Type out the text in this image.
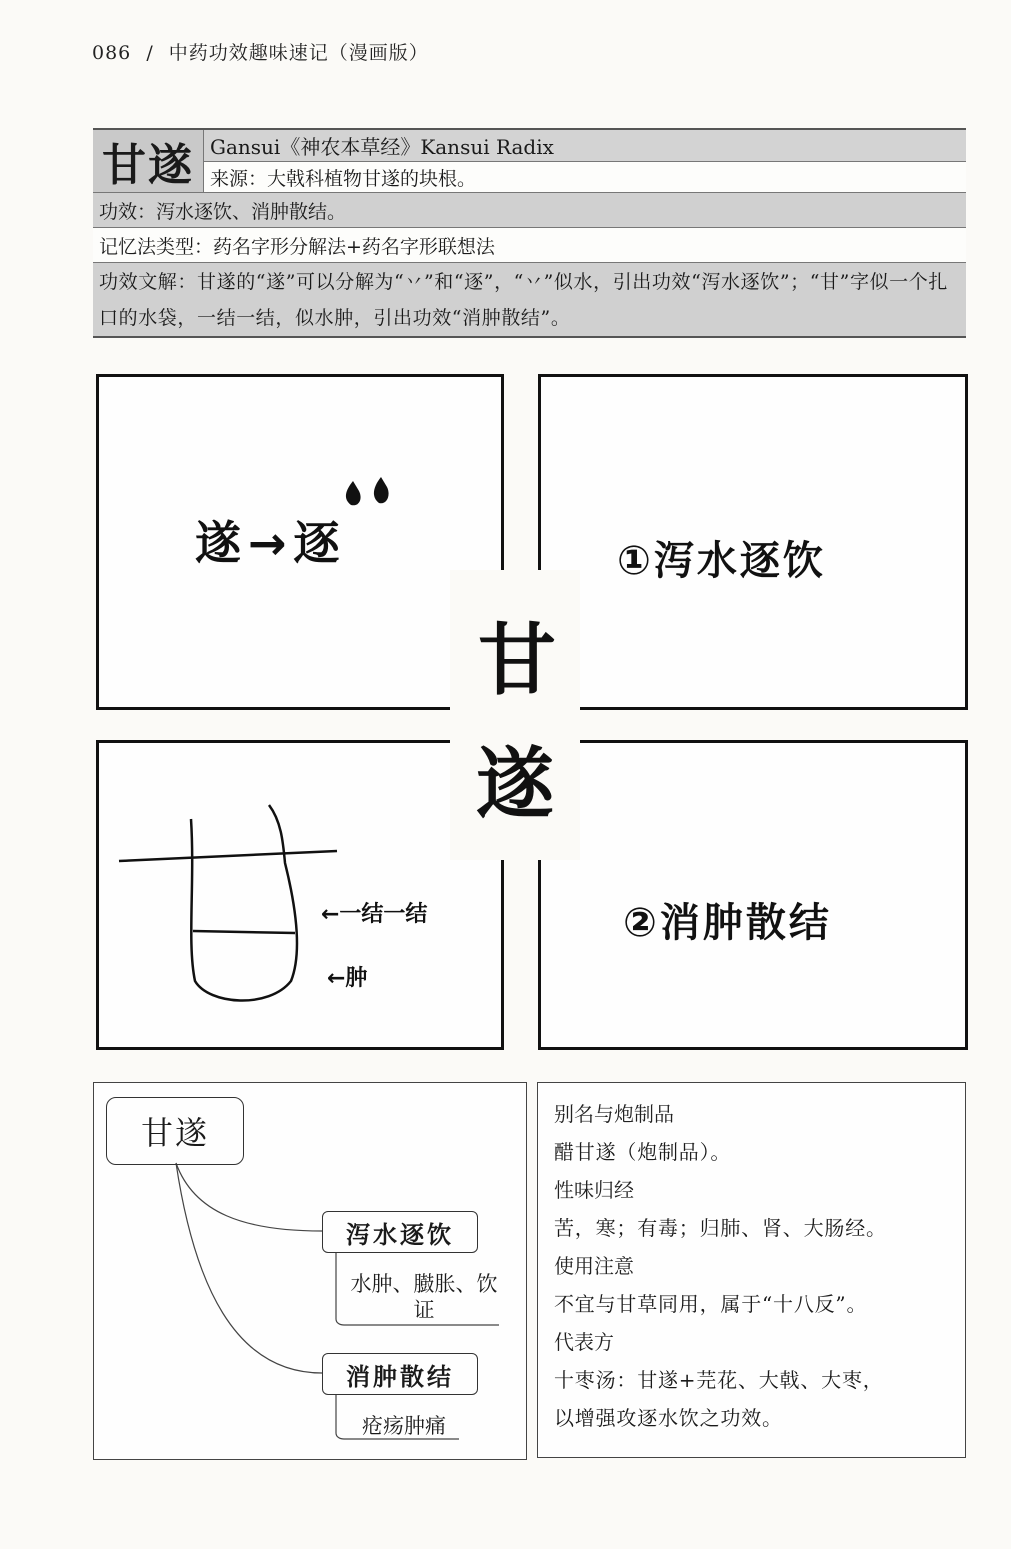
086 / 中药功效趣味速记（漫画版）
甘遂 Gansui《神农本草经》Kansui Radix
来源：大戟科植物甘遂的块根。
功效：泻水逐饮、消肿散结。
记忆法类型：药名字形分解法+药名字形联想法
功效文解：甘遂的“遂”可以分解为“丷”和“逐”，“丷”似水，引出功效“泻水逐饮”；“甘”字似一个扎口的水袋，一结一结，似水肿，引出功效“消肿散结”。
遂 → 逐	①泻水逐饮
←一结一结
←肿
②消肿散结
甘
遂
甘遂
泻水逐饮
水肿、臌胀、饮证
消肿散结
疮疡肿痛
别名与炮制品
醋甘遂（炮制品）。
性味归经
苦，寒；有毒；归肺、肾、大肠经。
使用注意
不宜与甘草同用，属于“十八反”。
代表方
十枣汤：甘遂+芫花、大戟、大枣，
以增强攻逐水饮之功效。
